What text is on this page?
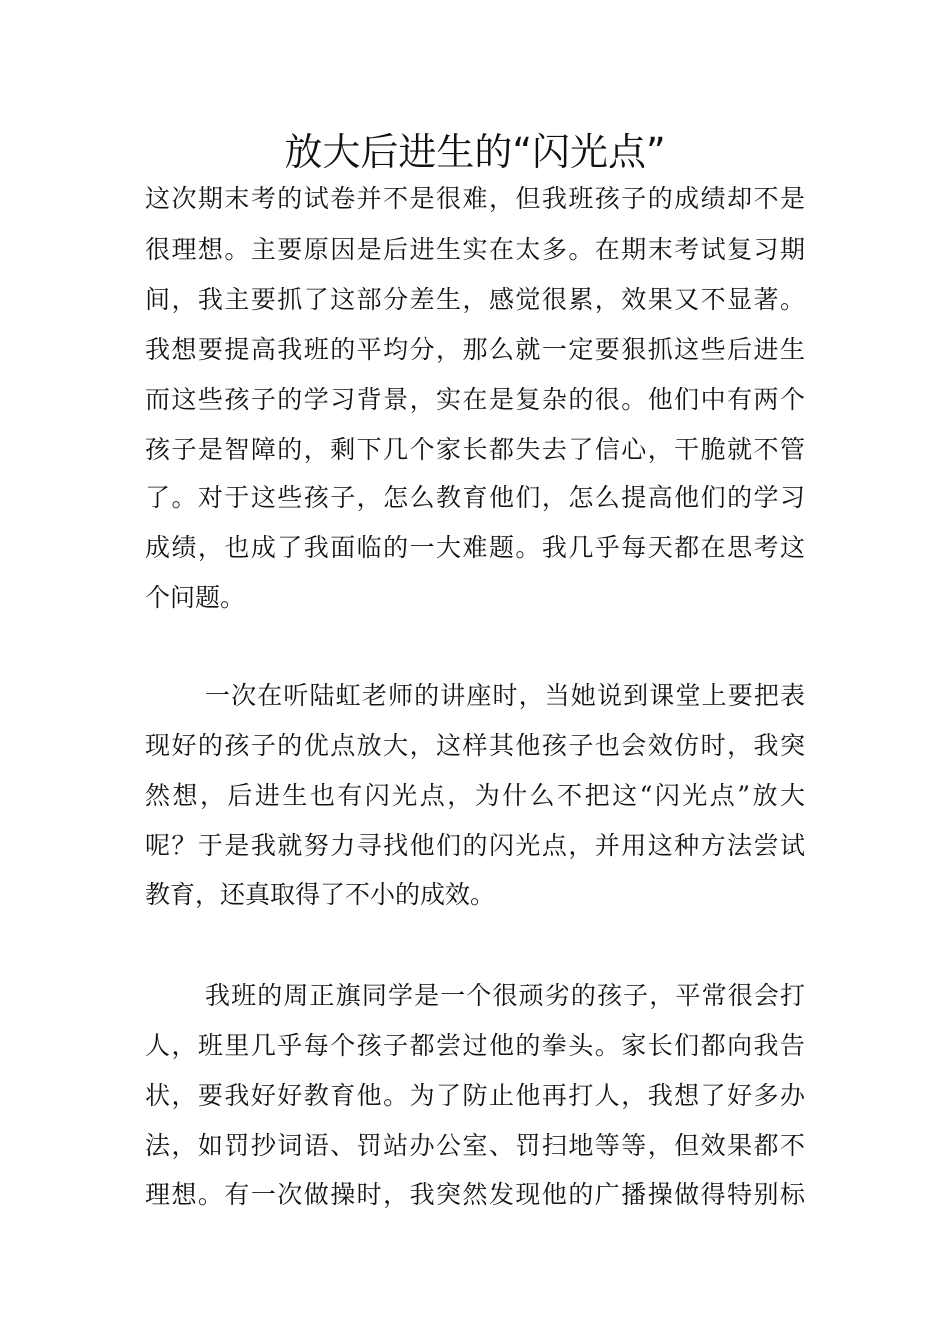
放大后进生的“闪光点”
这次期末考的试卷并不是很难，但我班孩子的成绩却不是
很理想。主要原因是后进生实在太多。在期末考试复习期
间，我主要抓了这部分差生，感觉很累，效果又不显著。
我想要提高我班的平均分，那么就一定要狠抓这些后进生
而这些孩子的学习背景，实在是复杂的很。他们中有两个
孩子是智障的，剩下几个家长都失去了信心，干脆就不管
了。对于这些孩子，怎么教育他们，怎么提高他们的学习
成绩，也成了我面临的一大难题。我几乎每天都在思考这
个问题。
一次在听陆虹老师的讲座时，当她说到课堂上要把表
现好的孩子的优点放大，这样其他孩子也会效仿时，我突
然想，后进生也有闪光点，为什么不把这“闪光点”放大
呢？于是我就努力寻找他们的闪光点，并用这种方法尝试
教育，还真取得了不小的成效。
我班的周正旗同学是一个很顽劣的孩子，平常很会打
人，班里几乎每个孩子都尝过他的拳头。家长们都向我告
状，要我好好教育他。为了防止他再打人，我想了好多办
法，如罚抄词语、罚站办公室、罚扫地等等，但效果都不
理想。有一次做操时，我突然发现他的广播操做得特别标
